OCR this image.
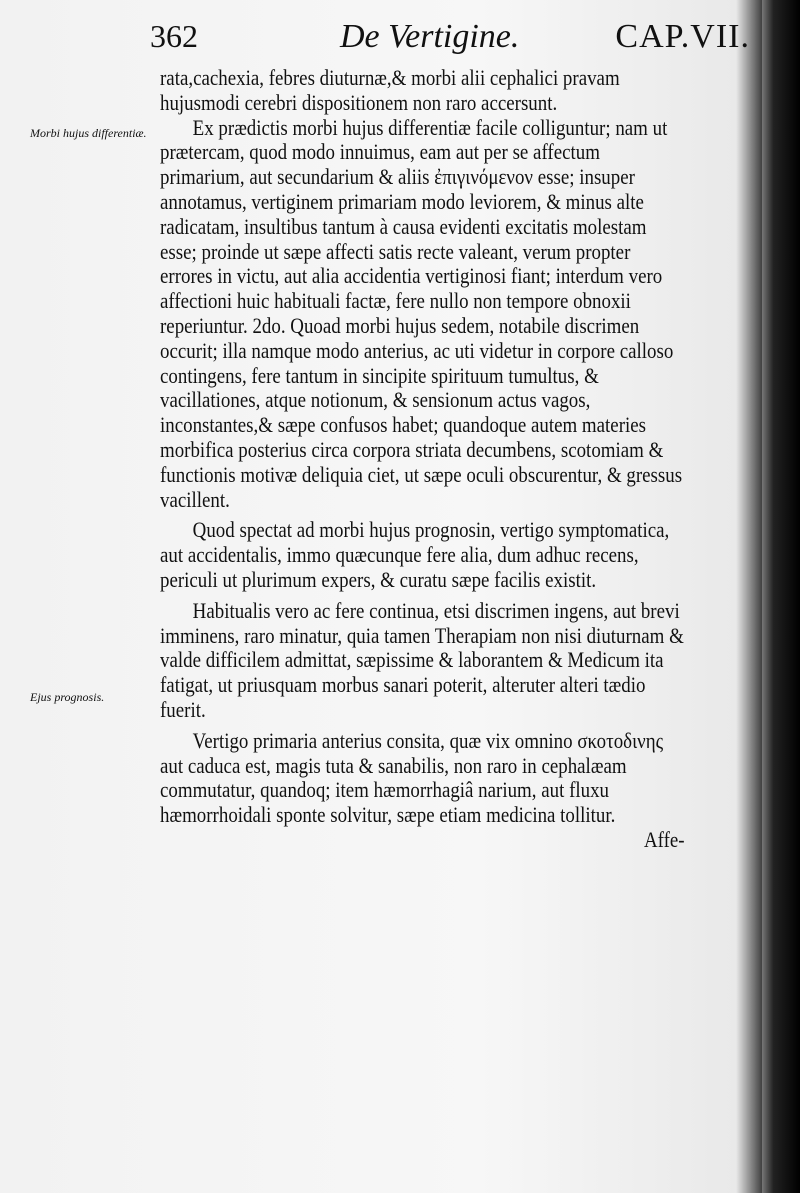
362	De Vertigine.	CAP.VII.
Morbi hujus differentiæ.
Ejus prognosis.

rata,cachexia, febres diuturnæ,& morbi alii cephalici pravam hujusmodi cerebri dispositionem non raro accersunt.

Ex prædictis morbi hujus differentiæ facile colliguntur; nam ut prætercam, quod modo innuimus, eam aut per se affectum primarium, aut secundarium & aliis ἐπιγινόμενον esse; insuper annotamus, vertiginem primariam modo leviorem, & minus alte radicatam, insultibus tantum à causa evidenti excitatis molestam esse; proinde ut sæpe affecti satis recte valeant, verum propter errores in victu, aut alia accidentia vertiginosi fiant; interdum vero affectioni huic habituali factæ, fere nullo non tempore obnoxii reperiuntur. 2do. Quoad morbi hujus sedem, notabile discrimen occurit; illa namque modo anterius, ac uti videtur in corpore calloso contingens, fere tantum in sincipite spirituum tumultus, & vacillationes, atque notionum, & sensionum actus vagos, inconstantes,& sæpe confusos habet; quandoque autem materies morbifica posterius circa corpora striata decumbens, scotomiam & functionis motivæ deliquia ciet, ut sæpe oculi obscurentur, & gressus vacillent.

Quod spectat ad morbi hujus prognosin, vertigo symptomatica, aut accidentalis, immo quæcunque fere alia, dum adhuc recens, periculi ut plurimum expers, & curatu sæpe facilis existit.

Habitualis vero ac fere continua, etsi discrimen ingens, aut brevi imminens, raro minatur, quia tamen Therapiam non nisi diuturnam & valde difficilem admittat, sæpissime & laborantem & Medicum ita fatigat, ut priusquam morbus sanari poterit, alteruter alteri tædio fuerit.

Vertigo primaria anterius consita, quæ vix omnino σκοτοδινης aut caduca est, magis tuta & sanabilis, non raro in cephalæam commutatur, quandoq; item hæmorrhagiâ narium, aut fluxu hæmorrhoidali sponte solvitur, sæpe etiam medicina tollitur.

Affe-
